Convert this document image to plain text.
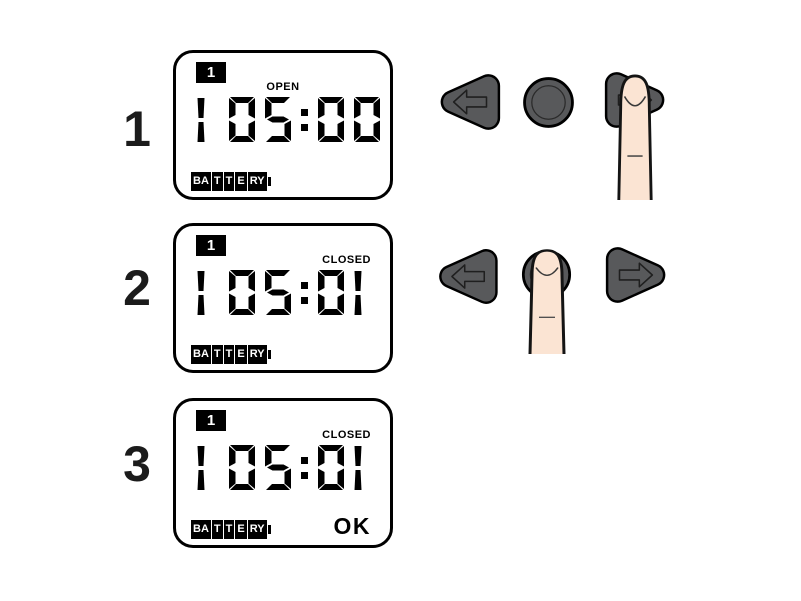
1
1
OPEN
BA T T E RY
2
1
CLOSED
BA T T E RY
3
1
CLOSED
BA T T E RY	OK
